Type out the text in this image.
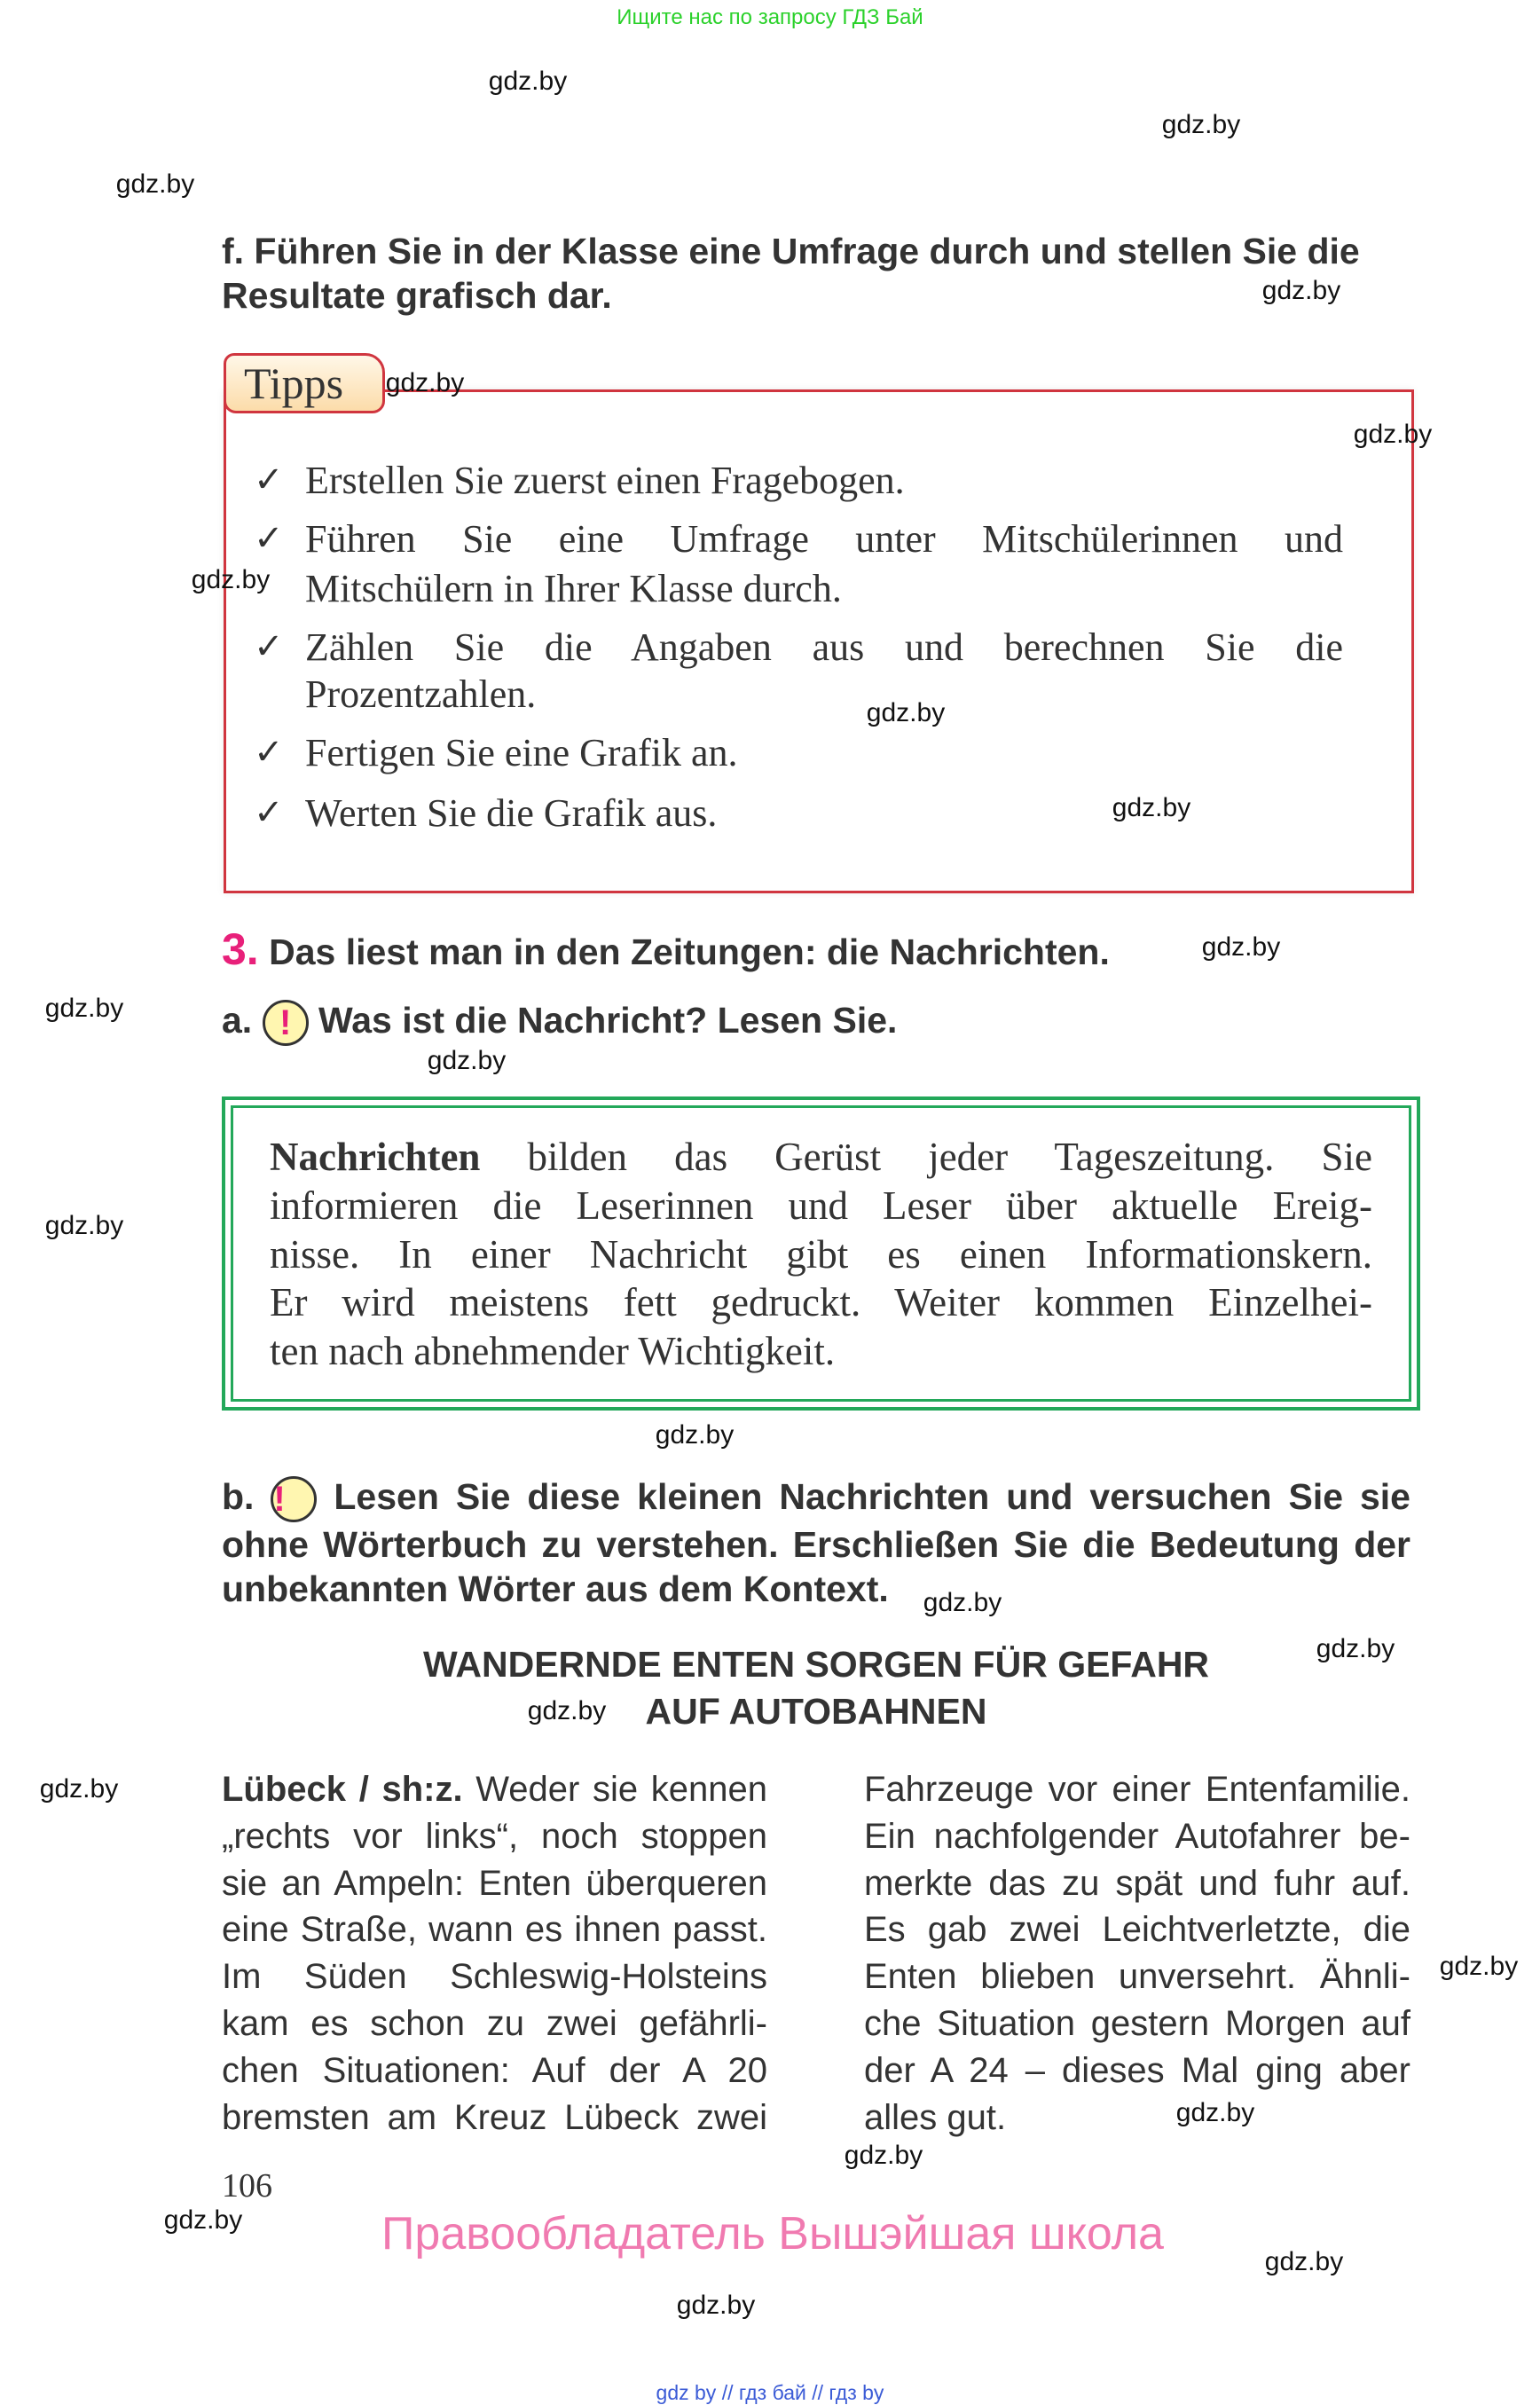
Ищите нас по запросу ГДЗ Бай
f. Führen Sie in der Klasse eine Umfrage durch und stellen Sie die
Resultate grafisch dar.
Tipps
✓ Erstellen Sie zuerst einen Fragebogen.
✓ Führen Sie eine Umfrage unter Mitschülerinnen und
Mitschülern in Ihrer Klasse durch.
✓ Zählen Sie die Angaben aus und berechnen Sie die
Prozentzahlen.
✓ Fertigen Sie eine Grafik an.
✓ Werten Sie die Grafik aus.
3. Das liest man in den Zeitungen: die Nachrichten.
a. ! Was ist die Nachricht? Lesen Sie.
Nachrichten bilden das Gerüst jeder Tageszeitung. Sie
informieren die Leserinnen und Leser über aktuelle Ereig-
nisse. In einer Nachricht gibt es einen Informationskern.
Er wird meistens fett gedruckt. Weiter kommen Einzelhei-
ten nach abnehmender Wichtigkeit.
b. ! Lesen Sie diese kleinen Nachrichten und versuchen Sie sie
ohne Wörterbuch zu verstehen. Erschließen Sie die Bedeutung der
unbekannten Wörter aus dem Kontext.
WANDERNDE ENTEN SORGEN FÜR GEFAHR
AUF AUTOBAHNEN
Lübeck / sh:z. Weder sie kennen	Fahrzeuge vor einer Entenfamilie.
„rechts vor links“, noch stoppen	Ein nachfolgender Autofahrer be-
sie an Ampeln: Enten überqueren	merkte das zu spät und fuhr auf.
eine Straße, wann es ihnen passt.	Es gab zwei Leichtverletzte, die
Im Süden Schleswig-Holsteins	Enten blieben unversehrt. Ähnli-
kam es schon zu zwei gefährli-	che Situation gestern Morgen auf
chen Situationen: Auf der A 20	der A 24 – dieses Mal ging aber
bremsten am Kreuz Lübeck zwei	alles gut.
106
Правообладатель Вышэйшая школа
gdz by // гдз бай // гдз by
gdz.by
gdz.by
gdz.by
gdz.by
gdz.by
gdz.by
gdz.by
gdz.by
gdz.by
gdz.by
gdz.by
gdz.by
gdz.by
gdz.by
gdz.by
gdz.by
gdz.by
gdz.by
gdz.by
gdz.by
gdz.by
gdz.by
gdz.by
gdz.by
